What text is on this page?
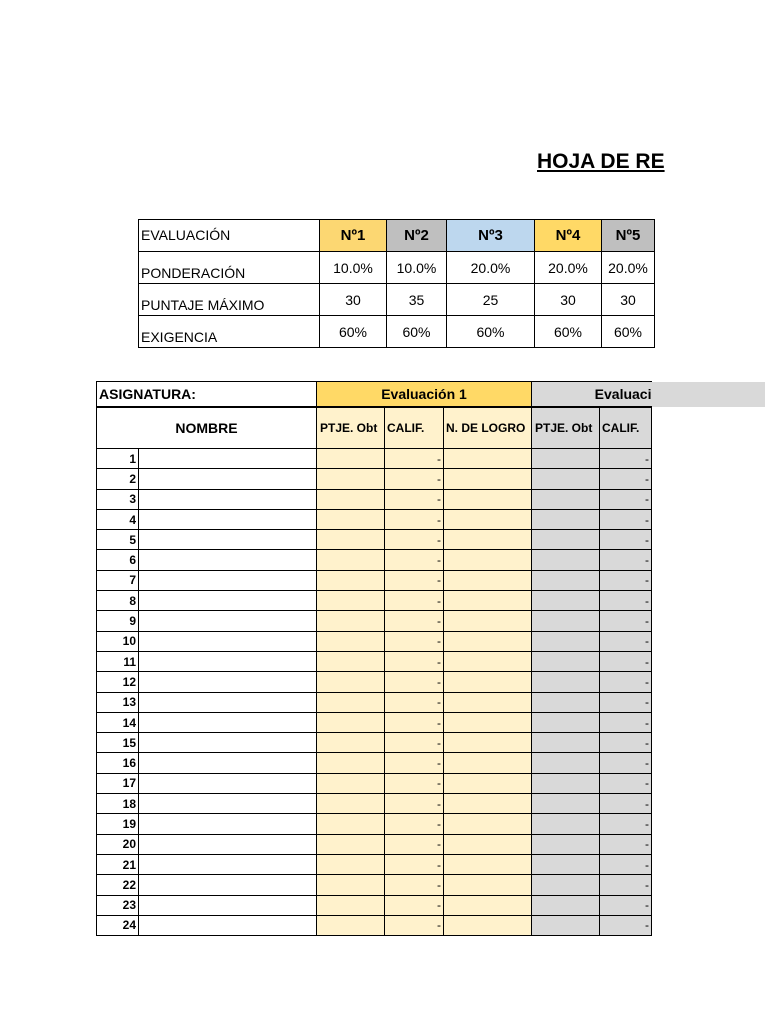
HOJA DE RE
EVALUACIÓN	Nº1	Nº2	Nº3	Nº4	Nº5
PONDERACIÓN	10.0%	10.0%	20.0%	20.0%	20.0%
PUNTAJE MÁXIMO	30	35	25	30	30
EXIGENCIA	60%	60%	60%	60%	60%
ASIGNATURA:		Evaluación 1			Evaluaci		
NOMBRE		PTJE. Obt	CALIF.	N. DE LOGRO	PTJE. Obt	CALIF.	
1			-			-	
2			-			-	
3			-			-	
4			-			-	
5			-			-	
6			-			-	
7			-			-	
8			-			-	
9			-			-	
10			-			-	
11			-			-	
12			-			-	
13			-			-	
14			-			-	
15			-			-	
16			-			-	
17			-			-	
18			-			-	
19			-			-	
20			-			-	
21			-			-	
22			-			-	
23			-			-	
24			-			-	
